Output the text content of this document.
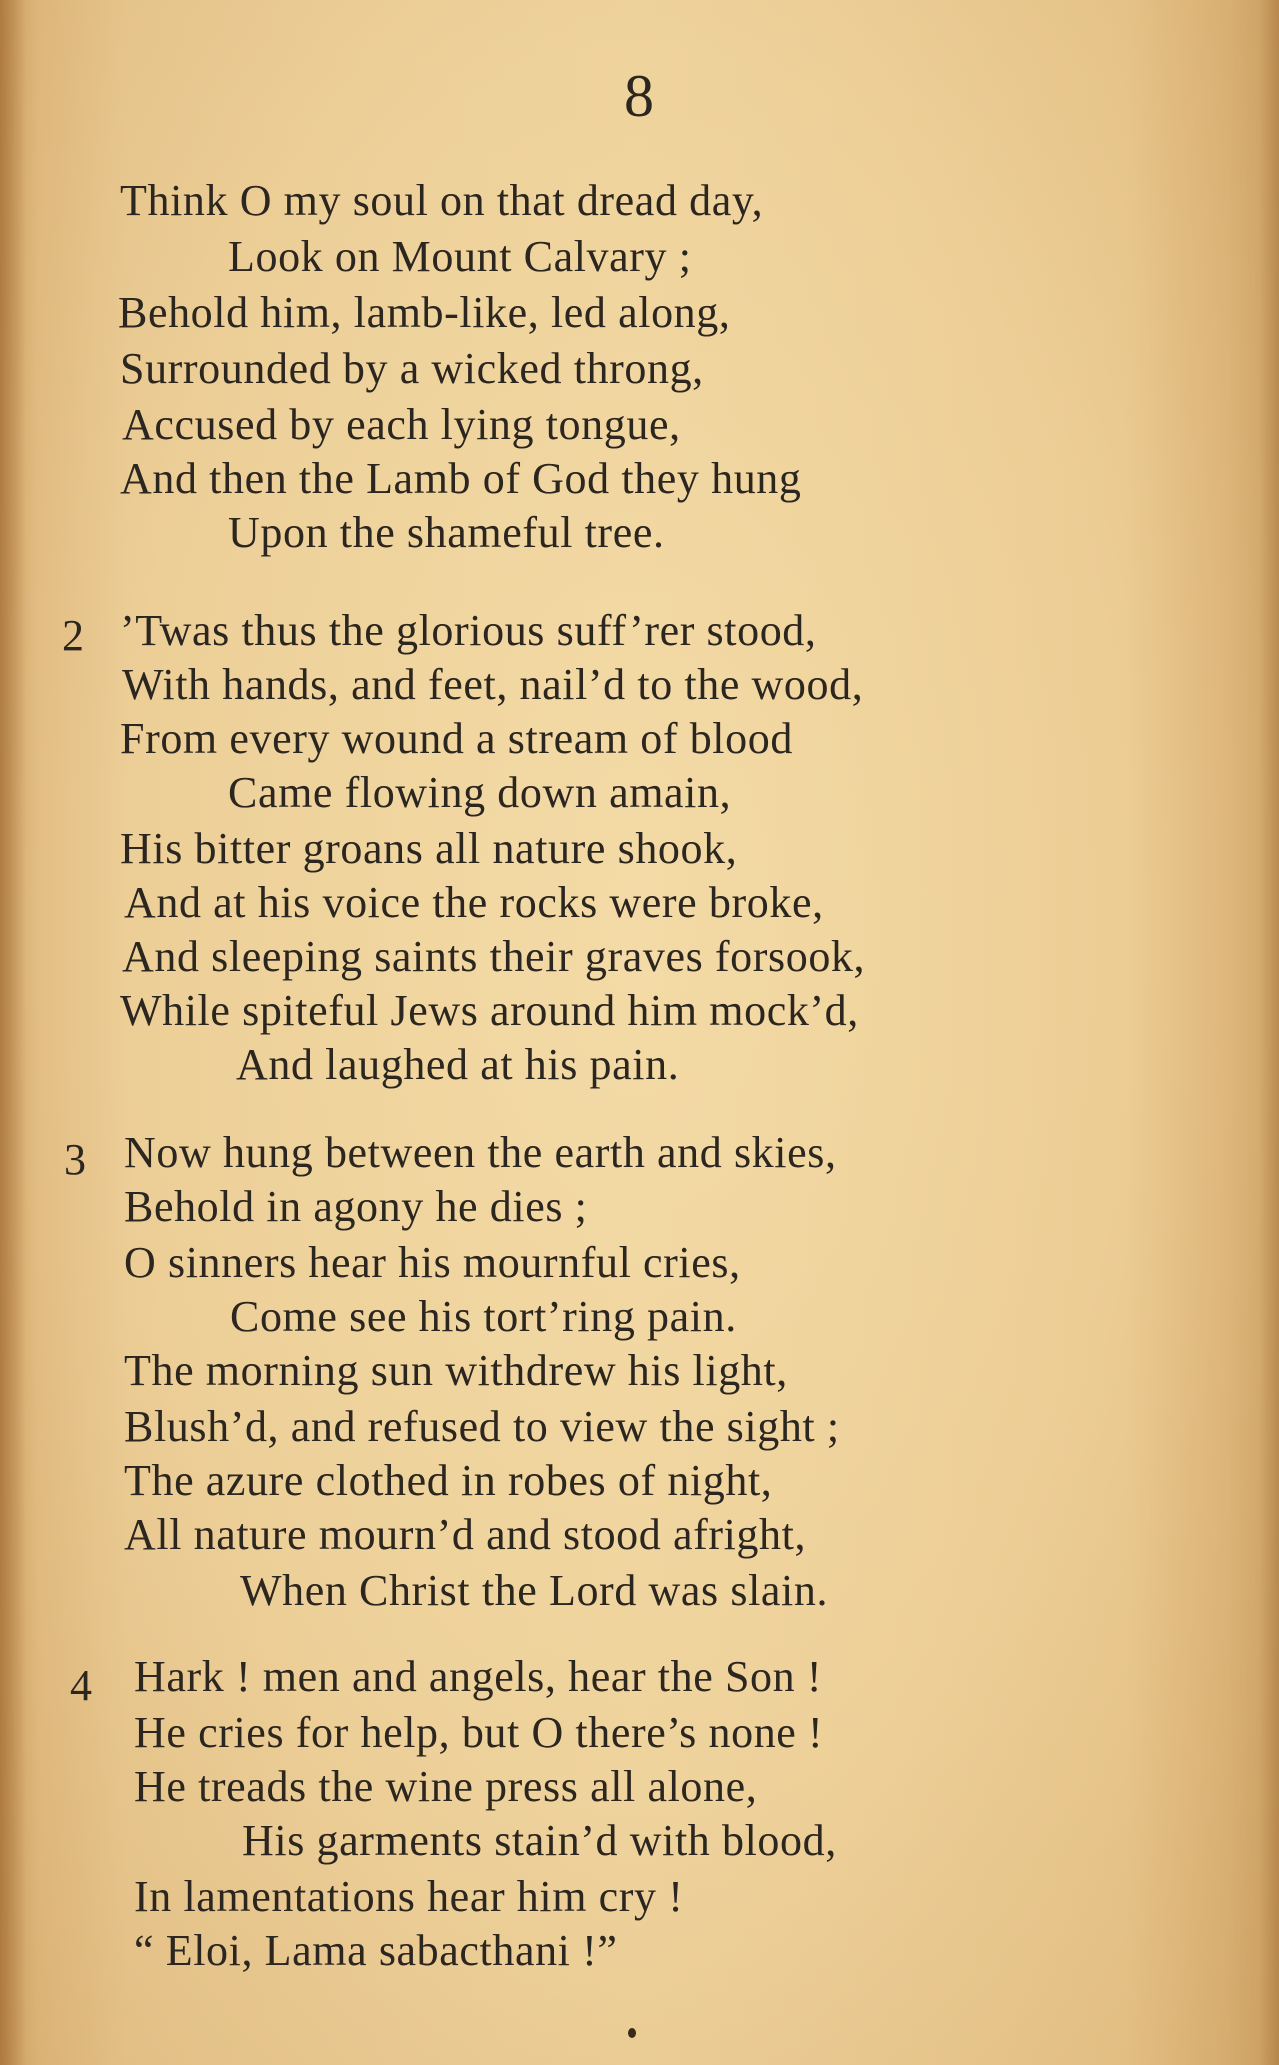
8
Think O my soul on that dread day,
Look on Mount Calvary ;
Behold him, lamb-like, led along,
Surrounded by a wicked throng,
Accused by each lying tongue,
And then the Lamb of God they hung
Upon the shameful tree.
2 ’Twas thus the glorious suff’rer stood,
With hands, and feet, nail’d to the wood,
From every wound a stream of blood
Came flowing down amain,
His bitter groans all nature shook,
And at his voice the rocks were broke,
And sleeping saints their graves forsook,
While spiteful Jews around him mock’d,
And laughed at his pain.
3 Now hung between the earth and skies,
Behold in agony he dies ;
O sinners hear his mournful cries,
Come see his tort’ring pain.
The morning sun withdrew his light,
Blush’d, and refused to view the sight ;
The azure clothed in robes of night,
All nature mourn’d and stood afright,
When Christ the Lord was slain.
4 Hark ! men and angels, hear the Son !
He cries for help, but O there’s none !
He treads the wine press all alone,
His garments stain’d with blood,
In lamentations hear him cry !
“ Eloi, Lama sabacthani !”
